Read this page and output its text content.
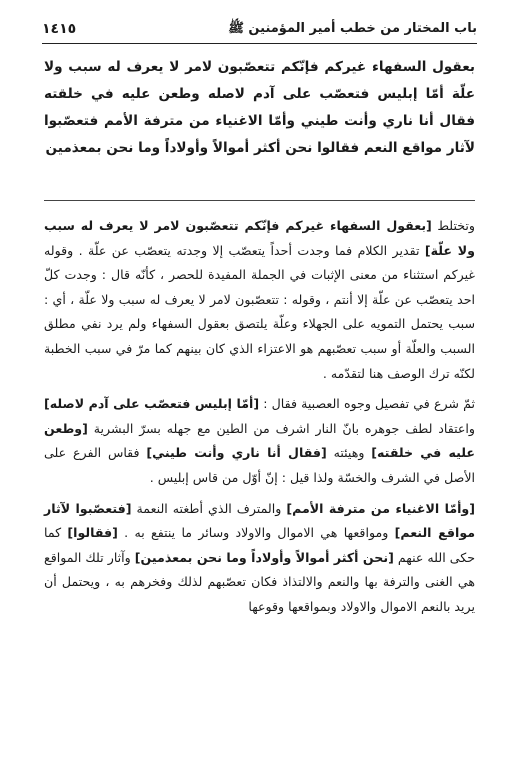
باب المختار من خطب أمير المؤمنين ﷺ
١٤١٥
بعقول السفهاء غيركم فإنّكم تتعصّبون لامر لا يعرف له سبب ولا علّة أمّا إبليس فتعصّب على آدم لاصله وطعن عليه في خلقته فقال أنا ناري وأنت طيني وأمّا الاغنياء من مترفة الأمم فتعصّبوا لآثار مواقع النعم فقالوا نحن أكثر أموالاً وأولاداً وما نحن بمعذمين

وتختلط [بعقول السفهاء غيركم فإنّكم تتعصّبون لامر لا يعرف له سبب ولا علّة] تقدير الكلام فما وجدت أحداً يتعصّب إلا وجدته يتعصّب عن علّة . وقوله غيركم استثناء من معنى الإثبات في الجملة المفيدة للحصر ، كأنّه قال : وجدت كلّ احد يتعصّب عن علّة إلا أنتم ، وقوله : تتعصّبون لامر لا يعرف له سبب ولا علّة ، أي : سبب يحتمل التمويه على الجهلاء وعلّة يلتصق بعقول السفهاء ولم يرد نفي مطلق السبب والعلّة أو سبب تعصّبهم هو الاعتزاء الذي كان بينهم كما مرّ في سبب الخطبة لكنّه ترك الوصف هنا لتقدّمه .

ثمّ شرع في تفصيل وجوه العصبية فقال : [أمّا إبليس فتعصّب على آدم لاصله] واعتقاد لطف جوهره بانّ النار اشرف من الطين مع جهله بسرّ البشرية [وطعن عليه في خلقته] وهيئته [فقال أنا ناري وأنت طيني] فقاس الفرع على الأصل في الشرف والخسّة ولذا قيل : إنّ أوّل من قاس إبليس .

[وأمّا الاغنياء من مترفة الأمم] والمترف الذي أطغته النعمة [فتعصّبوا لآثار مواقع النعم] ومواقعها هي الاموال والاولاد وسائر ما ينتفع به . [فقالوا] كما حكى الله عنهم [نحن أكثر أموالاً وأولاداً وما نحن بمعذمين] وآثار تلك المواقع هي الغنى والترفة بها والنعم والالتذاذ فكان تعصّبهم لذلك وفخرهم به ، ويحتمل أن يريد بالنعم الاموال والاولاد وبمواقعها وقوعها
